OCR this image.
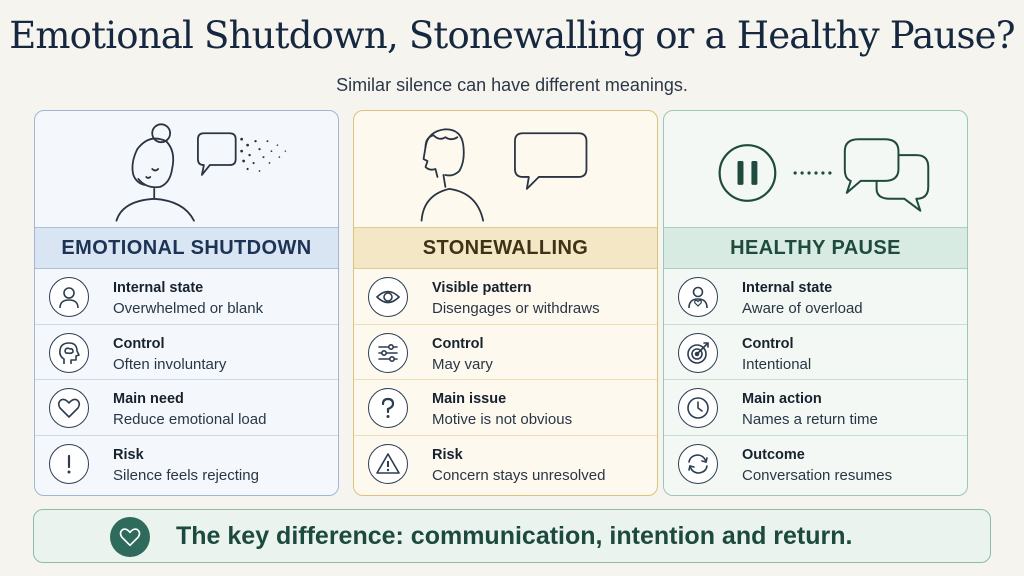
Emotional Shutdown, Stonewalling or a Healthy Pause?
Similar silence can have different meanings.
EMOTIONAL SHUTDOWN
Internal state
Overwhelmed or blank
Control
Often involuntary
Main need
Reduce emotional load
Risk
Silence feels rejecting
STONEWALLING
Visible pattern
Disengages or withdraws
Control
May vary
Main issue
Motive is not obvious
Risk
Concern stays unresolved
HEALTHY PAUSE
Internal state
Aware of overload
Control
Intentional
Main action
Names a return time
Outcome
Conversation resumes
The key difference: communication, intention and return.
